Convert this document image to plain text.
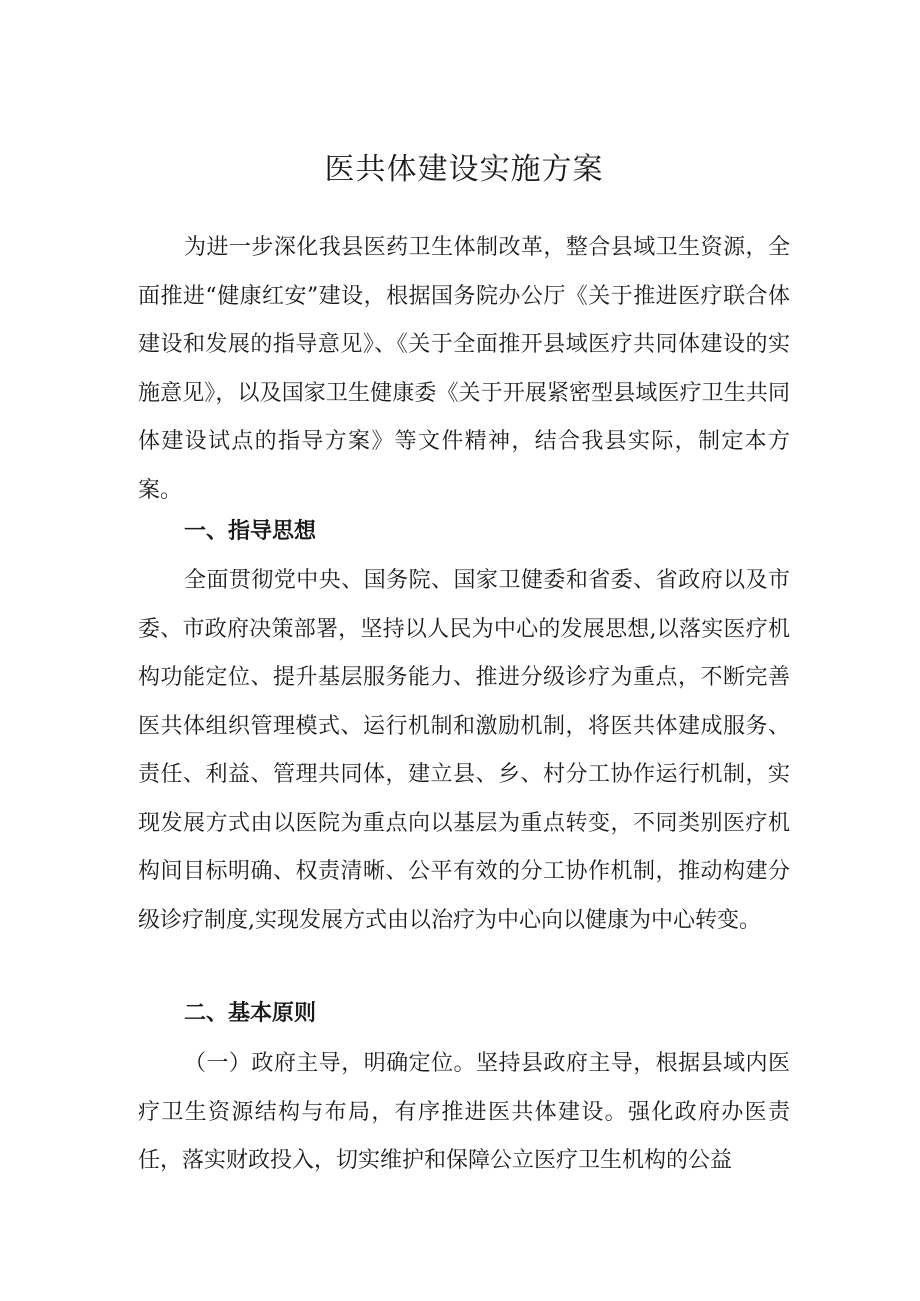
医共体建设实施方案

为进一步深化我县医药卫生体制改革，整合县域卫生资源，全面推进“健康红安”建设，根据国务院办公厅《关于推进医疗联合体建设和发展的指导意见》、《关于全面推开县域医疗共同体建设的实施意见》，以及国家卫生健康委《关于开展紧密型县域医疗卫生共同体建设试点的指导方案》等文件精神，结合我县实际，制定本方案。

一、指导思想

全面贯彻党中央、国务院、国家卫健委和省委、省政府以及市委、市政府决策部署，坚持以人民为中心的发展思想,以落实医疗机构功能定位、提升基层服务能力、推进分级诊疗为重点，不断完善医共体组织管理模式、运行机制和激励机制，将医共体建成服务、责任、利益、管理共同体，建立县、乡、村分工协作运行机制，实现发展方式由以医院为重点向以基层为重点转变，不同类别医疗机构间目标明确、权责清晰、公平有效的分工协作机制，推动构建分级诊疗制度,实现发展方式由以治疗为中心向以健康为中心转变。

二、基本原则

（一）政府主导，明确定位。坚持县政府主导，根据县域内医疗卫生资源结构与布局，有序推进医共体建设。强化政府办医责任，落实财政投入，切实维护和保障公立医疗卫生机构的公益
